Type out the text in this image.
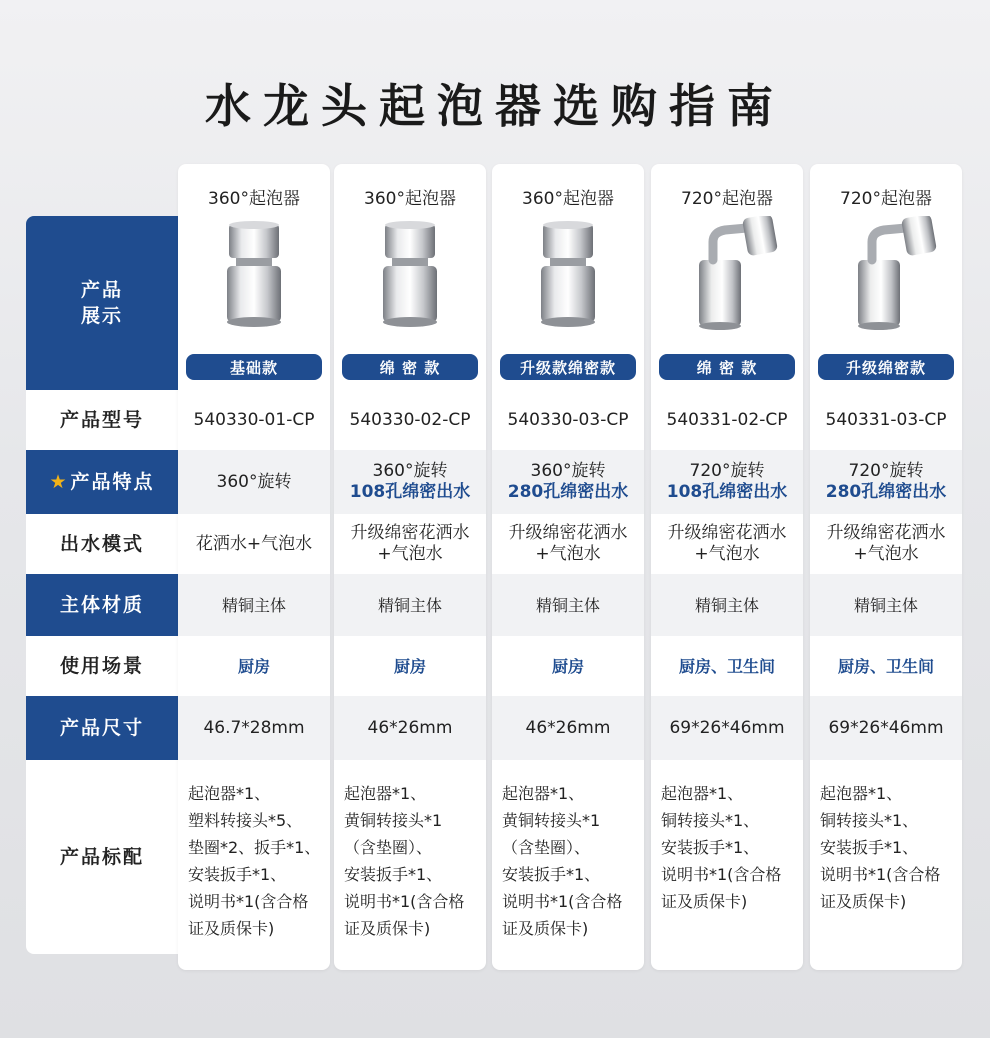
水龙头起泡器选购指南
产品
展示
产品型号
★ 产品特点
出水模式
主体材质
使用场景
产品尺寸
产品标配
360°起泡器
基础款
540330-01-CP
360°旋转
花洒水+气泡水
精铜主体
厨房
46.7*28mm
起泡器*1、
塑料转接头*5、
垫圈*2、扳手*1、
安装扳手*1、
说明书*1(含合格
证及质保卡)
360°起泡器
绵 密 款
540330-02-CP
360°旋转
108孔绵密出水
升级绵密花洒水
+气泡水
精铜主体
厨房
46*26mm
起泡器*1、
黄铜转接头*1
（含垫圈）、
安装扳手*1、
说明书*1(含合格
证及质保卡)
360°起泡器
升级款绵密款
540330-03-CP
360°旋转
280孔绵密出水
升级绵密花洒水
+气泡水
精铜主体
厨房
46*26mm
起泡器*1、
黄铜转接头*1
（含垫圈）、
安装扳手*1、
说明书*1(含合格
证及质保卡)
720°起泡器
绵 密 款
540331-02-CP
720°旋转
108孔绵密出水
升级绵密花洒水
+气泡水
精铜主体
厨房、卫生间
69*26*46mm
起泡器*1、
铜转接头*1、
安装扳手*1、
说明书*1(含合格
证及质保卡)
720°起泡器
升级绵密款
540331-03-CP
720°旋转
280孔绵密出水
升级绵密花洒水
+气泡水
精铜主体
厨房、卫生间
69*26*46mm
起泡器*1、
铜转接头*1、
安装扳手*1、
说明书*1(含合格
证及质保卡)
